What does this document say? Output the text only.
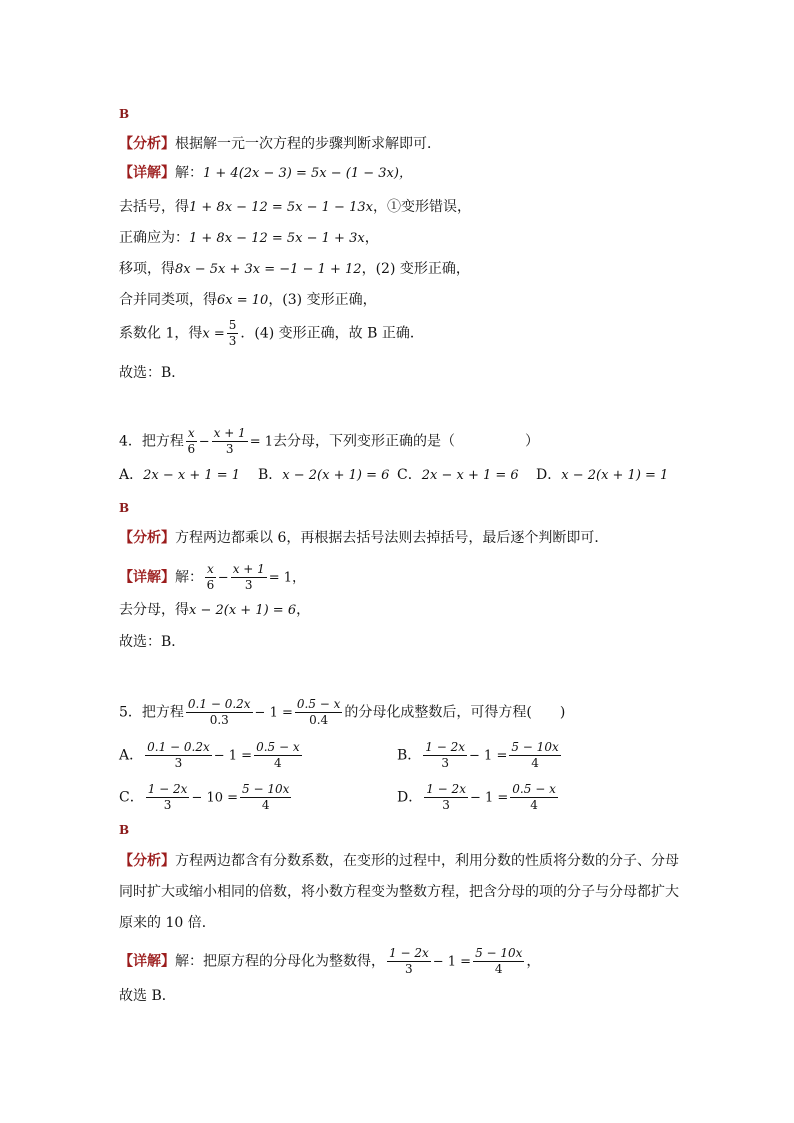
B
【分析】根据解一元一次方程的步骤判断求解即可．
【详解】解：1 + 4(2x − 3) = 5x − (1 − 3x)，
去括号，得1 + 8x − 12 = 5x − 1 − 13x，①变形错误，
正确应为：1 + 8x − 12 = 5x − 1 + 3x，
移项，得8x − 5x + 3x = −1 − 1 + 12，(2) 变形正确，
合并同类项，得6x = 10，(3) 变形正确，
系数化 1，得$x = \frac{5}{3}$ ．(4) 变形正确，故 B 正确．
故选：B．
4．把方程 $\frac{x}{6} - \frac{x + 1}{3} = 1$去分母，下列变形正确的是（　　　　　）
A．2x − x + 1 = 1 B．x − 2(x + 1) = 6 C．2x − x + 1 = 6 D．x − 2(x + 1) = 1
B
【分析】方程两边都乘以 6，再根据去括号法则去掉括号，最后逐个判断即可．
【详解】解： $\frac{x}{6} - \frac{x + 1}{3} = 1$，
去分母，得x − 2(x + 1) = 6，
故选：B．
5．把方程 $\frac{0.1 - 0.2x}{0.3} - 1 = \frac{0.5 - x}{0.4}$ 的分母化成整数后，可得方程(　　)
A． $\frac{0.1 - 0.2x}{3} - 1 = \frac{0.5 - x}{4}$	B． $\frac{1 - 2x}{3} - 1 = \frac{5 - 10x}{4}$
C． $\frac{1 - 2x}{3} - 10 = \frac{5 - 10x}{4}$	D． $\frac{1 - 2x}{3} - 1 = \frac{0.5 - x}{4}$
B
【分析】方程两边都含有分数系数，在变形的过程中，利用分数的性质将分数的分子、分母同时扩大或缩小相同的倍数，将小数方程变为整数方程，把含分母的项的分子与分母都扩大原来的 10 倍．
【详解】解：把原方程的分母化为整数得， $\frac{1 - 2x}{3} - 1 = \frac{5 - 10x}{4}$ ，
故选 B．
